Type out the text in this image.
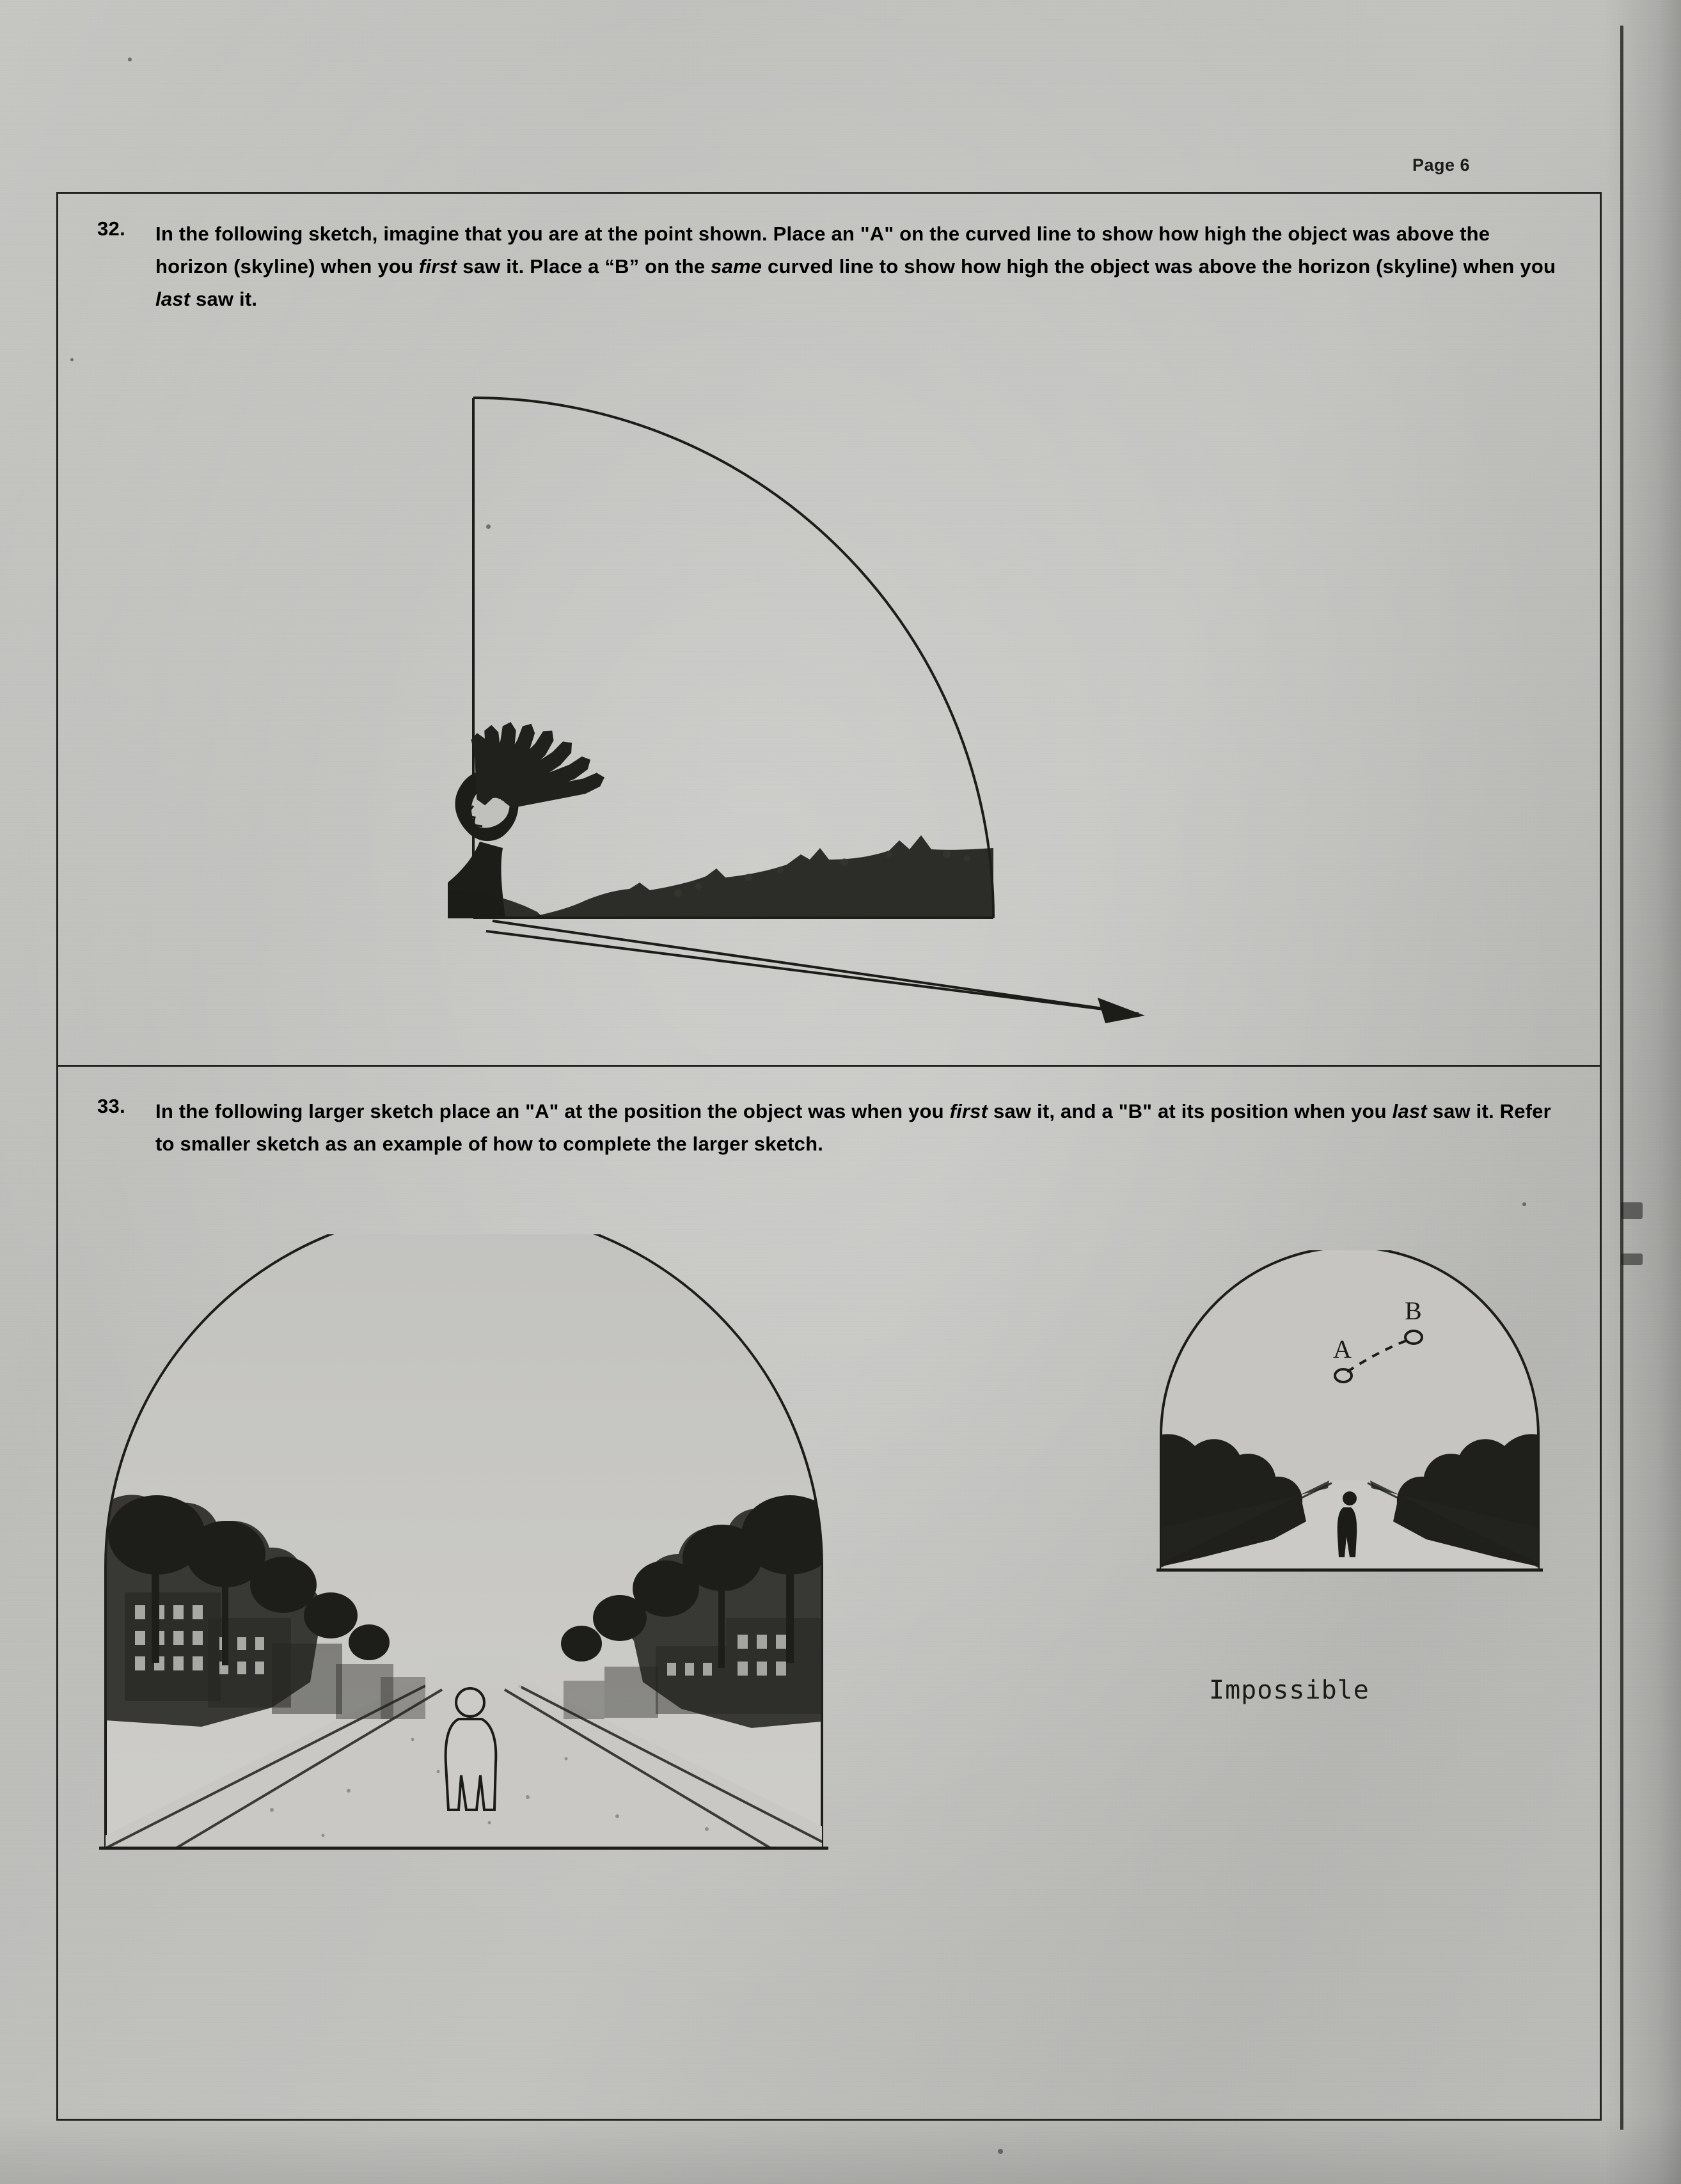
Page 6
32. In the following sketch, imagine that you are at the point shown. Place an "A" on the curved line to show how high the object was above the horizon (skyline) when you first saw it. Place a “B” on the same curved line to show how high the object was above the horizon (skyline) when you last saw it.
33. In the following larger sketch place an "A" at the position the object was when you first saw it, and a "B" at its position when you last saw it. Refer to smaller sketch as an example of how to complete the larger sketch.
A
B
Impossible
